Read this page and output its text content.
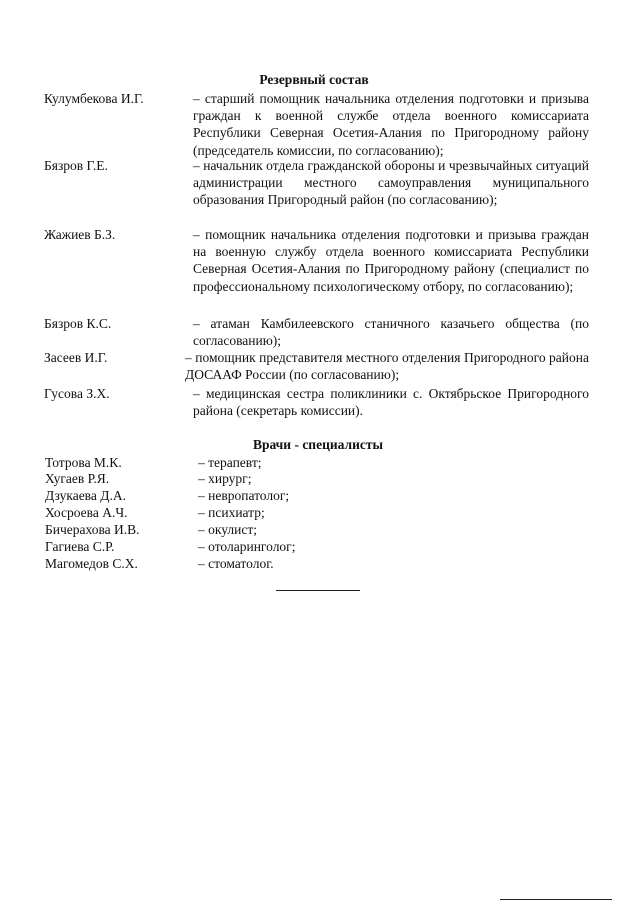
Резервный состав
Кулумбекова И.Г.	– старший помощник начальника отделения подготовки и призыва граждан к военной службе отдела военного комиссариата Республики Северная Осетия-Алания по Пригородному району (председатель комиссии, по согласованию);
Бязров Г.Е.	– начальник отдела гражданской обороны и чрезвычайных ситуаций администрации местного самоуправления муниципального образования Пригородный район (по согласованию);
Жажиев Б.З.	– помощник начальника отделения подготовки и призыва граждан на военную службу отдела военного комиссариата Республики Северная Осетия-Алания по Пригородному району (специалист по профессиональному психологическому отбору, по согласованию);
Бязров К.С.	– атаман Камбилеевского станичного казачьего общества (по согласованию);
Засеев И.Г.	– помощник представителя местного отделения Пригородного района ДОСААФ России (по согласованию);
Гусова З.Х.	– медицинская сестра поликлиники с. Октябрьское Пригородного района (секретарь комиссии).
Врачи - специалисты
Тотрова М.К.	– терапевт;
Хугаев Р.Я.	– хирург;
Дзукаева Д.А.	– невропатолог;
Хосроева А.Ч.	– психиатр;
Бичерахова И.В.	– окулист;
Гагиева С.Р.	– отоларинголог;
Магомедов С.Х.	– стоматолог.
